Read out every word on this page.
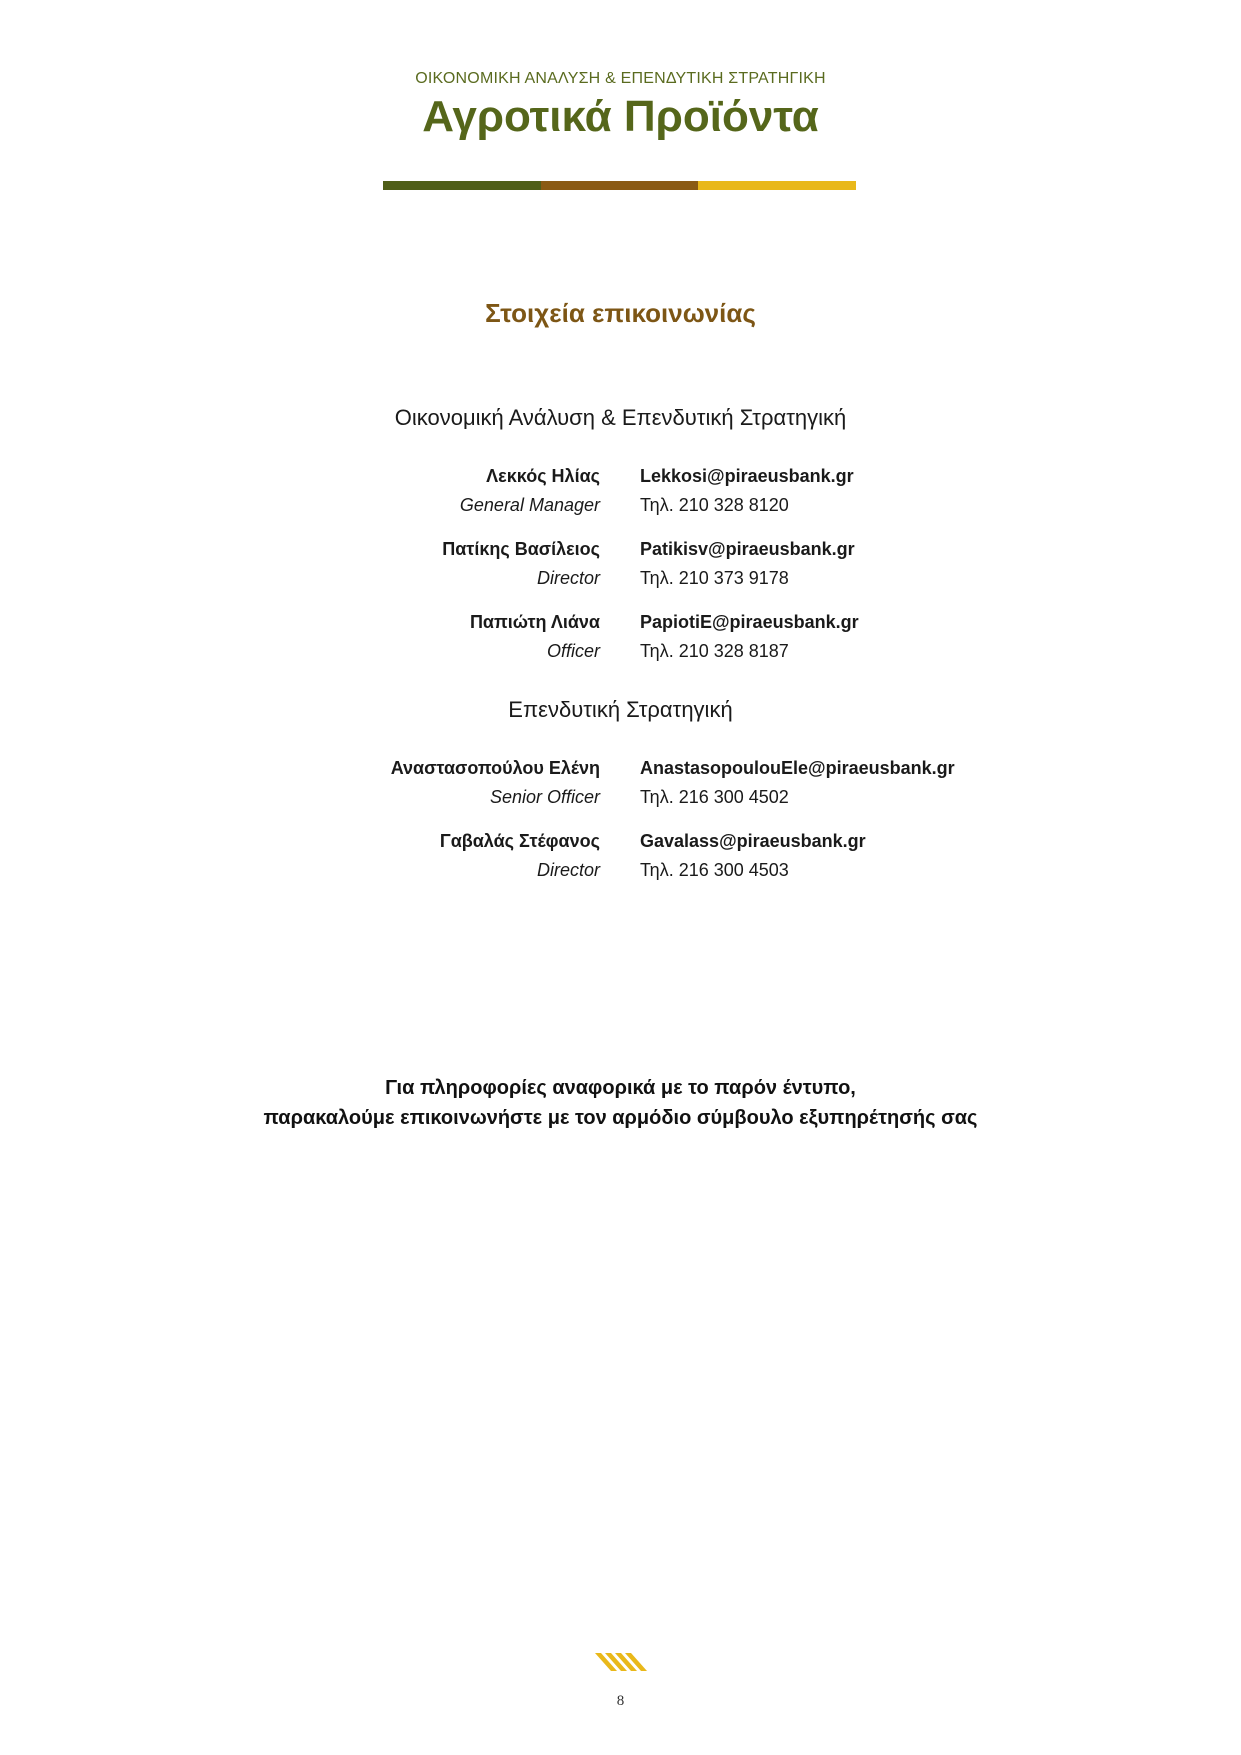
ΟΙΚΟΝΟΜΙΚΗ ΑΝΑΛΥΣΗ & ΕΠΕΝΔΥΤΙΚΗ ΣΤΡΑΤΗΓΙΚΗ
Αγροτικά Προϊόντα
Στοιχεία επικοινωνίας
Οικονομική Ανάλυση & Επενδυτική Στρατηγική
Λεκκός Ηλίας
General Manager
Lekkosi@piraeusbank.gr
Τηλ. 210 328 8120
Πατίκης Βασίλειος
Director
Patikisv@piraeusbank.gr
Τηλ. 210 373 9178
Παπιώτη Λιάνα
Officer
PapiotiE@piraeusbank.gr
Τηλ. 210 328 8187
Επενδυτική Στρατηγική
Αναστασοπούλου Ελένη
Senior Officer
AnastasopoulouEle@piraeusbank.gr
Τηλ. 216 300 4502
Γαβαλάς Στέφανος
Director
Gavalass@piraeusbank.gr
Τηλ. 216 300 4503
Για πληροφορίες αναφορικά με το παρόν έντυπο,
παρακαλούμε επικοινωνήστε με τον αρμόδιο σύμβουλο εξυπηρέτησής σας
8
